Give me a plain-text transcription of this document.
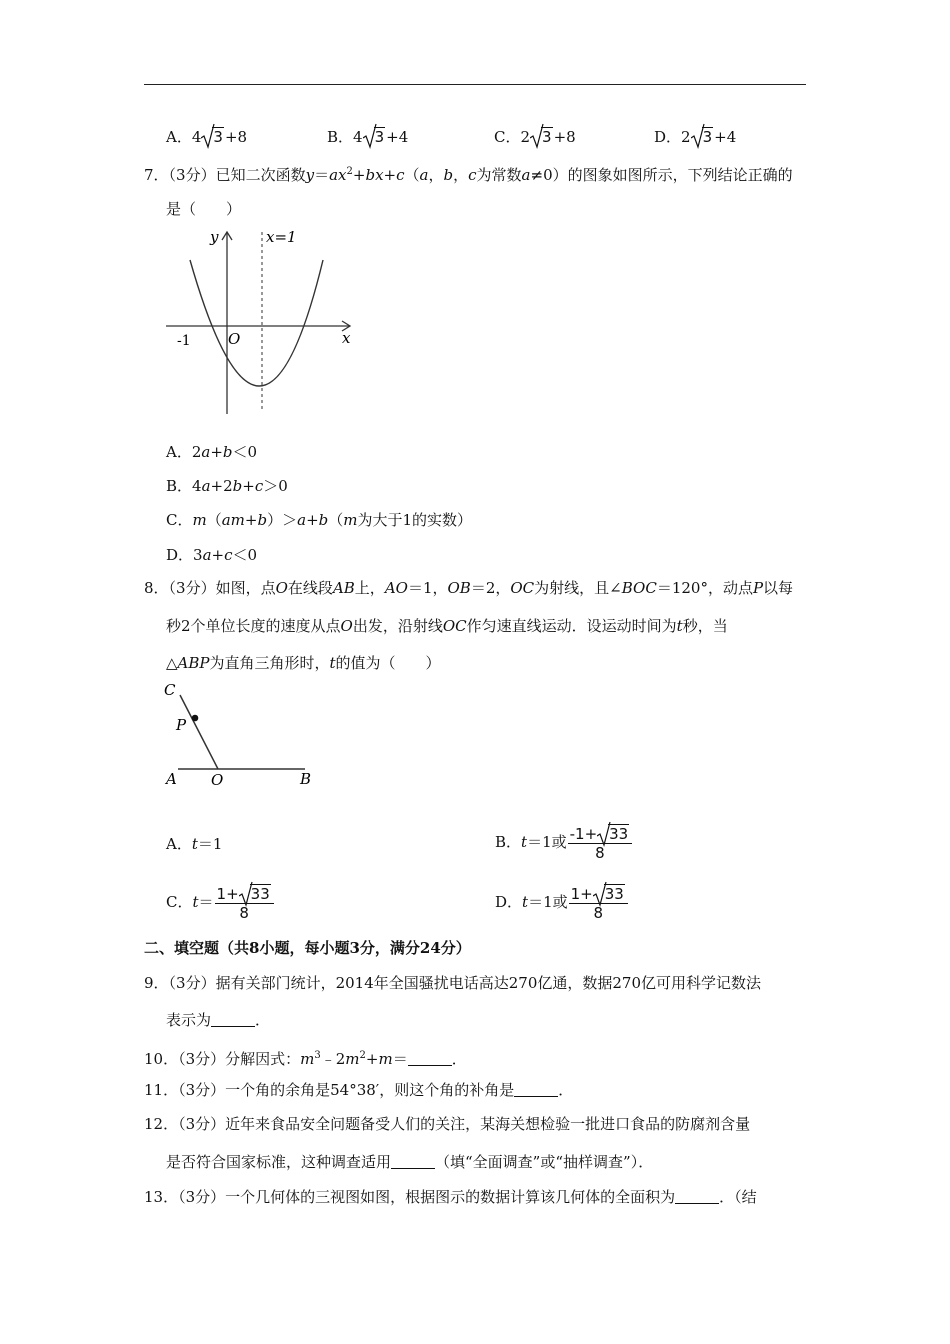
A．4 3 +8	B．4 3 +4	C．2 3 +8	D．2 3 +4
7．（3分）已知二次函数$y=ax^2+bx+c(a$，b，c为常数a≠0）的图象如图所示，下列结论正确的
是（　　）
y
x
x=1
O
-1
A．2a+b＜0
B．4a+2b+c＞0
C．m（am+b）＞a+b（m为大于1的实数）
D．3a+c＜0
8．（3分）如图，点O在线段AB上，AO＝1，OB＝2，OC为射线，且∠BOC＝120°，动点P以每
秒2个单位长度的速度从点O出发，沿射线OC作匀速直线运动．设运动时间为t秒，当
△ABP为直角三角形时，t的值为（　　）
C
P
A O	B
A．t＝1	B．t＝1或 $\frac{-1+ 33}{8}$
C．$t= \frac{1+ 33}{8}$	D．t＝1或 $\frac{1+ 33}{8}$
二、填空题（共8小题，每小题3分，满分24分）
9．（3分）据有关部门统计，2014年全国骚扰电话高达270亿通，数据270亿可用科学记数法
表示为	．
10．（3分）分解因式：$m^3﹣2m^2+m=$	．
11．（3分）一个角的余角是54°38′，则这个角的补角是	．
12．（3分）近年来食品安全问题备受人们的关注，某海关想检验一批进口食品的防腐剂含量
是否符合国家标准，这种调查适用	（填“全面调查”或“抽样调查”）．
13．（3分）一个几何体的三视图如图，根据图示的数据计算该几何体的全面积为	．（结
